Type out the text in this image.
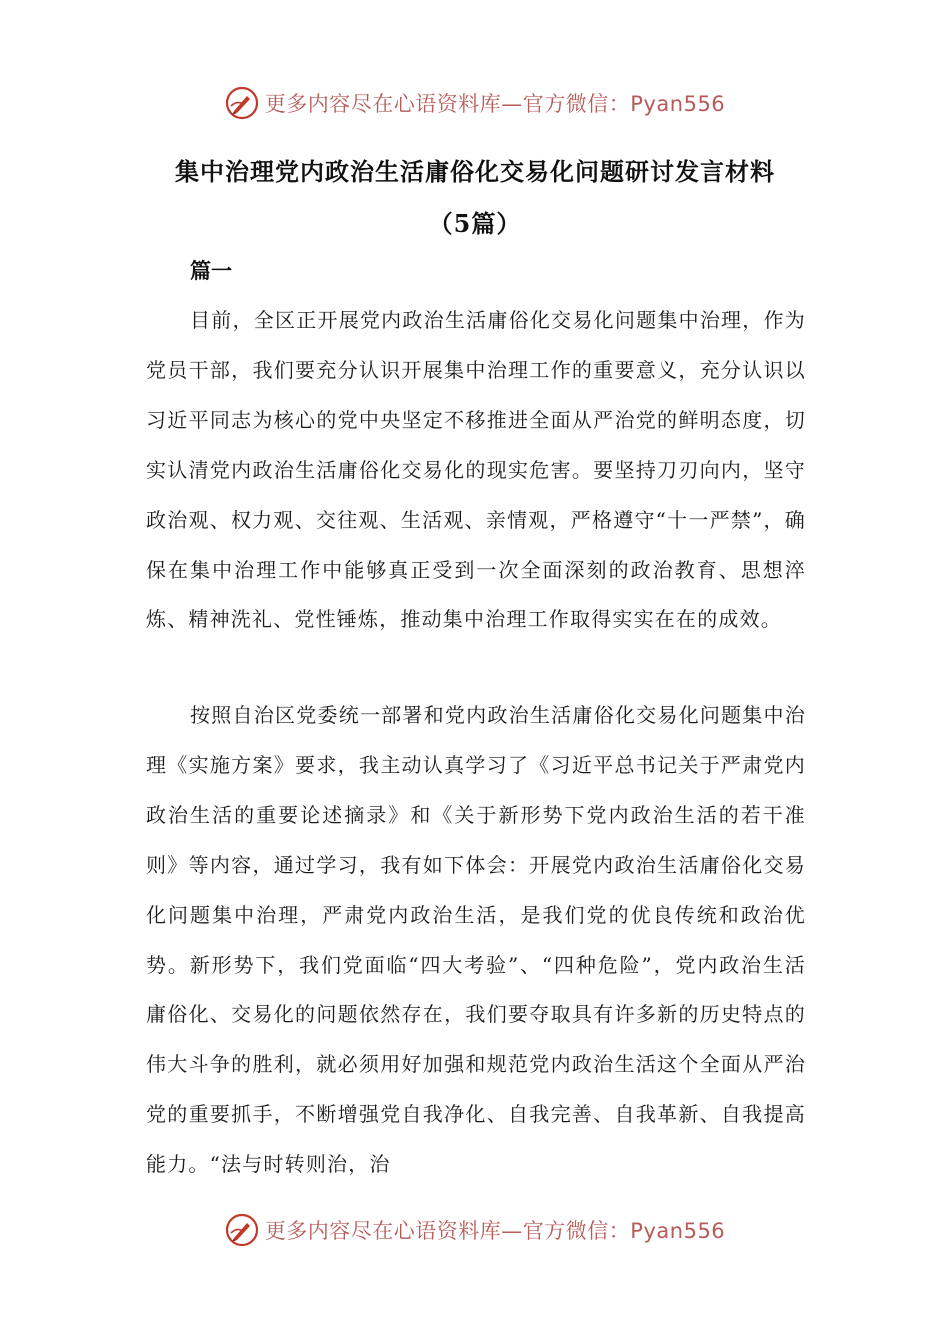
更多内容尽在心语资料库—官方微信：Pyan556
集中治理党内政治生活庸俗化交易化问题研讨发言材料
（5篇）
篇一

目前，全区正开展党内政治生活庸俗化交易化问题集中治理，作为党员干部，我们要充分认识开展集中治理工作的重要意义，充分认识以习近平同志为核心的党中央坚定不移推进全面从严治党的鲜明态度，切实认清党内政治生活庸俗化交易化的现实危害。要坚持刀刃向内，坚守政治观、权力观、交往观、生活观、亲情观，严格遵守“十一严禁”，确保在集中治理工作中能够真正受到一次全面深刻的政治教育、思想淬炼、精神洗礼、党性锤炼，推动集中治理工作取得实实在在的成效。

按照自治区党委统一部署和党内政治生活庸俗化交易化问题集中治理《实施方案》要求，我主动认真学习了《习近平总书记关于严肃党内政治生活的重要论述摘录》和《关于新形势下党内政治生活的若干准则》等内容，通过学习，我有如下体会：开展党内政治生活庸俗化交易化问题集中治理，严肃党内政治生活，是我们党的优良传统和政治优势。新形势下，我们党面临“四大考验”、“四种危险”，党内政治生活庸俗化、交易化的问题依然存在，我们要夺取具有许多新的历史特点的伟大斗争的胜利，就必须用好加强和规范党内政治生活这个全面从严治党的重要抓手，不断增强党自我净化、自我完善、自我革新、自我提高能力。“法与时转则治，治

更多内容尽在心语资料库—官方微信：Pyan556
